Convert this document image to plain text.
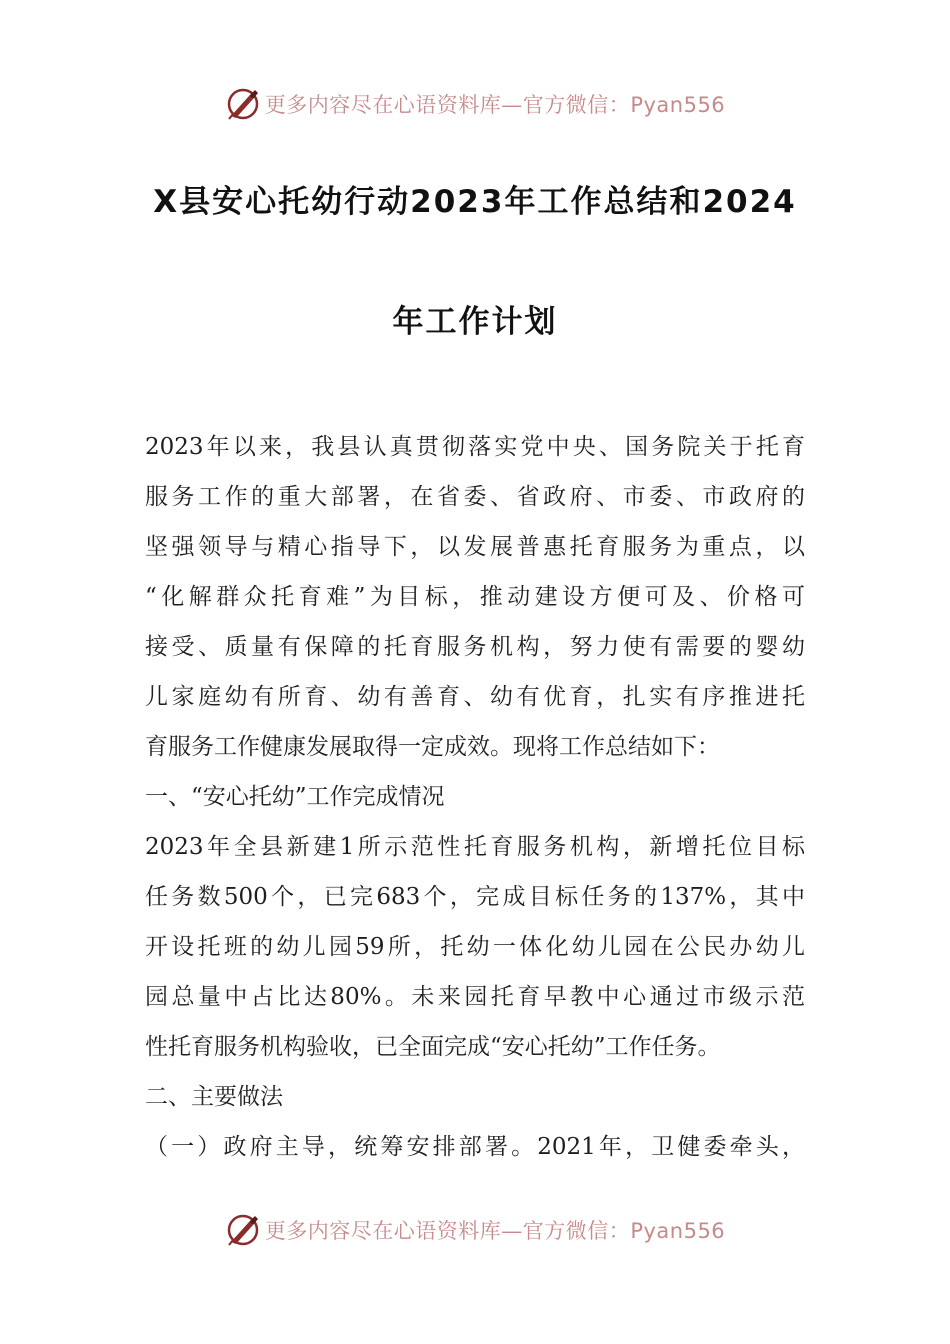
更多内容尽在心语资料库—官方微信：Pyan556
X县安心托幼行动2023年工作总结和2024
年工作计划
2023年以来，我县认真贯彻落实党中央、国务院关于托育
服务工作的重大部署，在省委、省政府、市委、市政府的
坚强领导与精心指导下，以发展普惠托育服务为重点，以
“化解群众托育难”为目标，推动建设方便可及、价格可
接受、质量有保障的托育服务机构，努力使有需要的婴幼
儿家庭幼有所育、幼有善育、幼有优育，扎实有序推进托
育服务工作健康发展取得一定成效。现将工作总结如下：
一、“安心托幼”工作完成情况
2023年全县新建1所示范性托育服务机构，新增托位目标
任务数500个，已完683个，完成目标任务的137%，其中
开设托班的幼儿园59所，托幼一体化幼儿园在公民办幼儿
园总量中占比达80%。未来园托育早教中心通过市级示范
性托育服务机构验收，已全面完成“安心托幼”工作任务。
二、主要做法
（一）政府主导，统筹安排部署。2021年，卫健委牵头，
更多内容尽在心语资料库—官方微信：Pyan556
